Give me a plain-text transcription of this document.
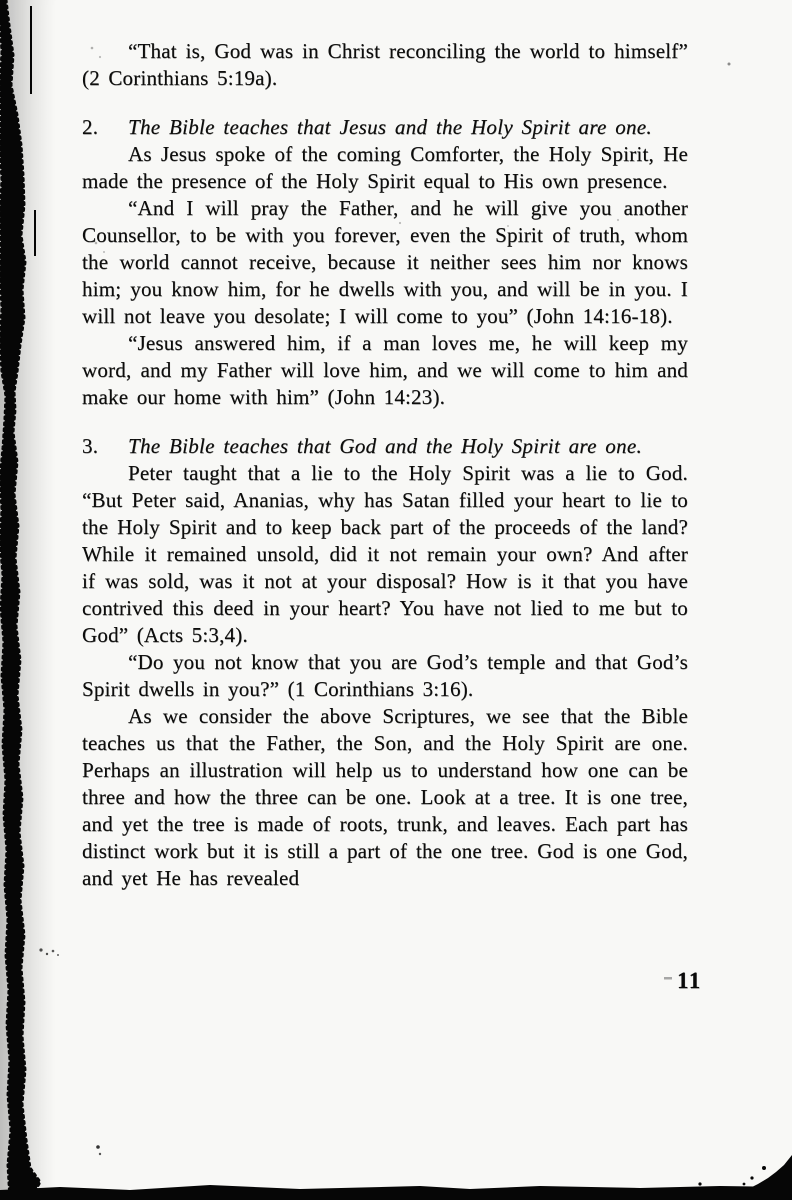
“That is, God was in Christ reconciling the world to himself” (2 Corinthians 5:19a).

2. The Bible teaches that Jesus and the Holy Spirit are one.

As Jesus spoke of the coming Comforter, the Holy Spirit, He made the presence of the Holy Spirit equal to His own presence.

“And I will pray the Father, and he will give you another Counsellor, to be with you forever, even the Spirit of truth, whom the world cannot receive, because it neither sees him nor knows him; you know him, for he dwells with you, and will be in you. I will not leave you desolate; I will come to you” (John 14:16-18).

“Jesus answered him, if a man loves me, he will keep my word, and my Father will love him, and we will come to him and make our home with him” (John 14:23).

3. The Bible teaches that God and the Holy Spirit are one.

Peter taught that a lie to the Holy Spirit was a lie to God. “But Peter said, Ananias, why has Satan filled your heart to lie to the Holy Spirit and to keep back part of the proceeds of the land? While it remained unsold, did it not remain your own? And after if was sold, was it not at your disposal? How is it that you have contrived this deed in your heart? You have not lied to me but to God” (Acts 5:3,4).

“Do you not know that you are God’s temple and that God’s Spirit dwells in you?” (1 Corinthians 3:16).

As we consider the above Scriptures, we see that the Bible teaches us that the Father, the Son, and the Holy Spirit are one. Perhaps an illustration will help us to understand how one can be three and how the three can be one. Look at a tree. It is one tree, and yet the tree is made of roots, trunk, and leaves. Each part has distinct work but it is still a part of the one tree. God is one God, and yet He has revealed

11
